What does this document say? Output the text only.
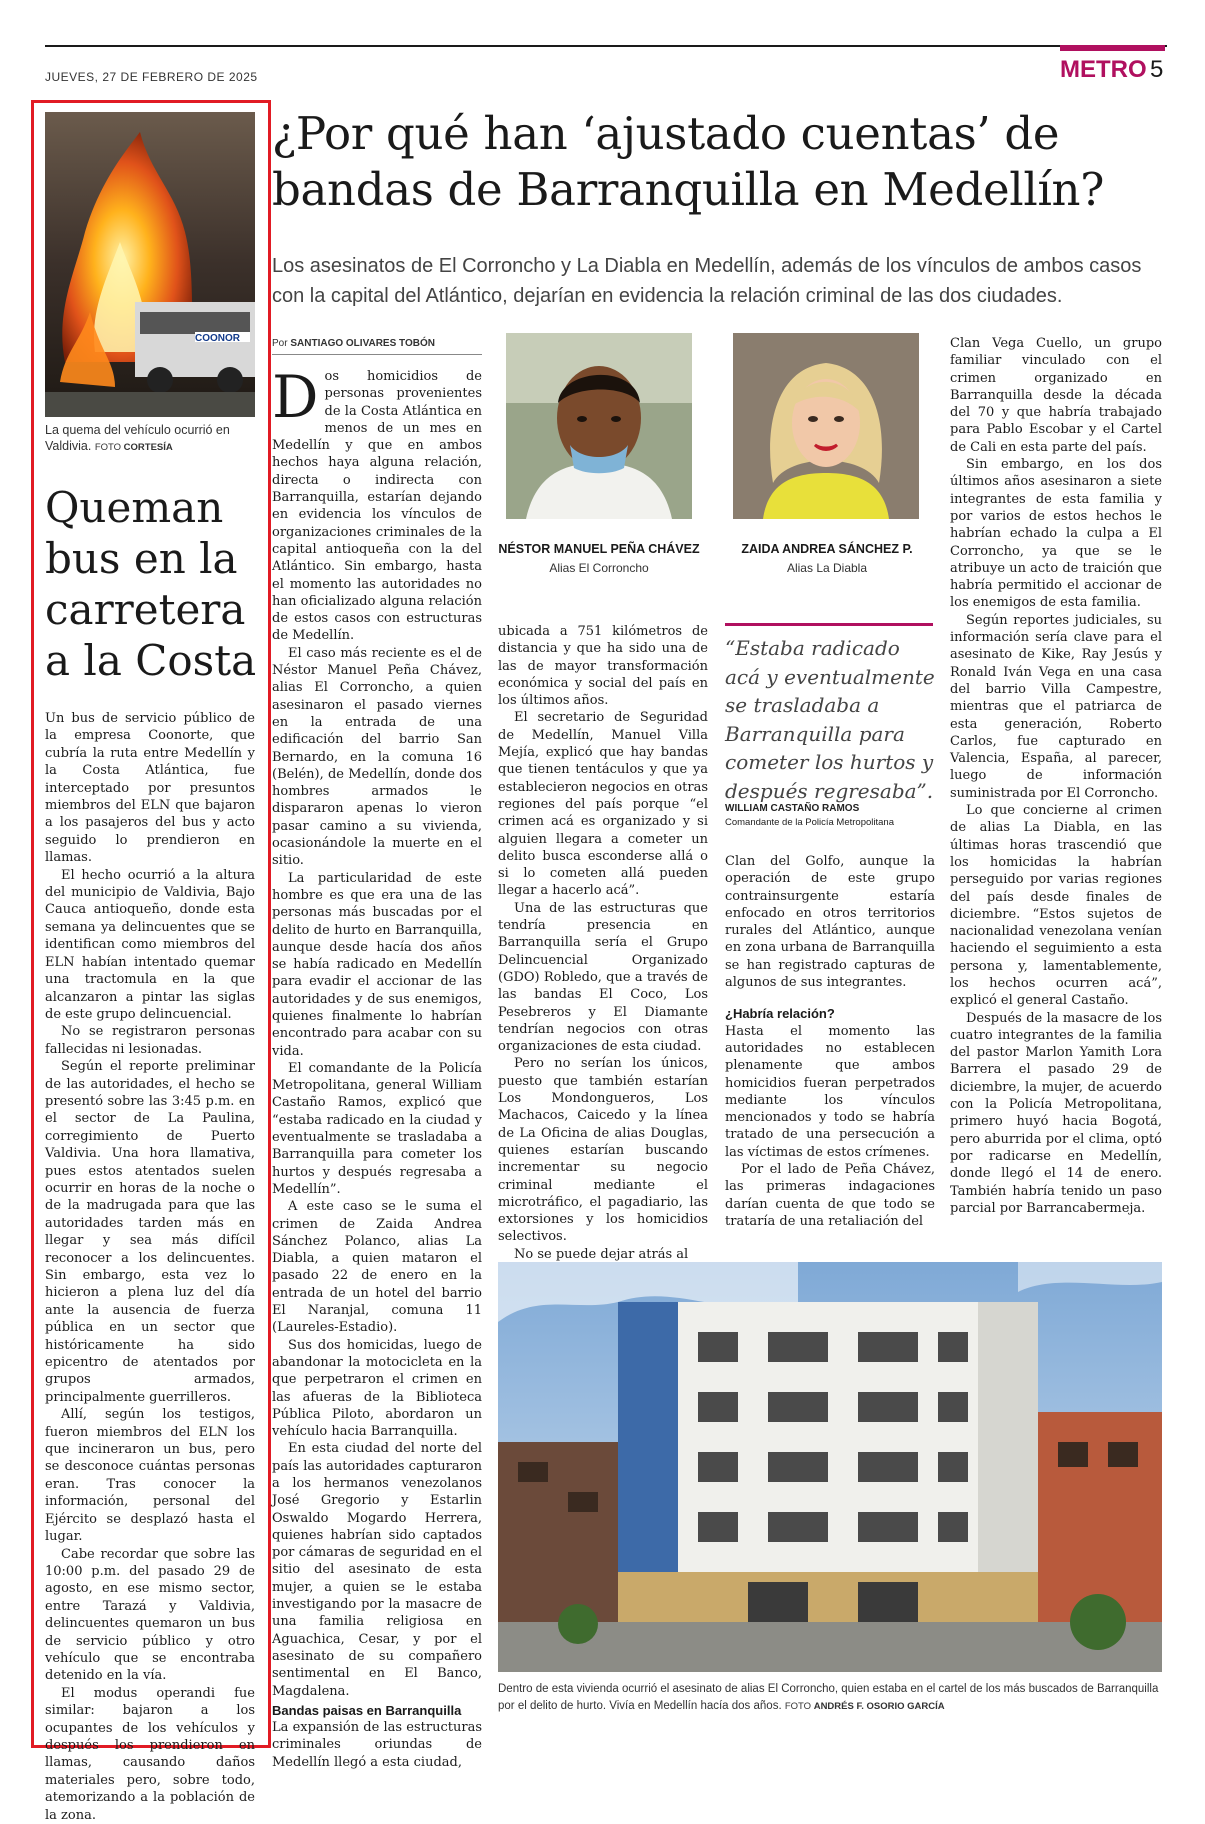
JUEVES, 27 DE FEBRERO DE 2025	METRO 5
COONOR
La quema del vehículo ocurrió en Valdivia. FOTO CORTESÍA
Queman bus en la carretera a la Costa

Un bus de servicio público de la empresa Coonorte, que cubría la ruta entre Medellín y la Costa Atlántica, fue interceptado por presuntos miembros del ELN que bajaron a los pasajeros del bus y acto seguido lo prendieron en llamas.

El hecho ocurrió a la altura del municipio de Valdivia, Bajo Cauca antioqueño, donde esta semana ya delincuentes que se identifican como miembros del ELN habían intentado quemar una tractomula en la que alcanzaron a pintar las siglas de este grupo delincuencial.

No se registraron personas fallecidas ni lesionadas.

Según el reporte preliminar de las autoridades, el hecho se presentó sobre las 3:45 p.m. en el sector de La Paulina, corregimiento de Puerto Valdivia. Una hora llamativa, pues estos atentados suelen ocurrir en horas de la noche o de la madrugada para que las autoridades tarden más en llegar y sea más difícil reconocer a los delincuentes. Sin embargo, esta vez lo hicieron a plena luz del día ante la ausencia de fuerza pública en un sector que históricamente ha sido epicentro de atentados por grupos armados, principalmente guerrilleros.

Allí, según los testigos, fueron miembros del ELN los que incineraron un bus, pero se desconoce cuántas personas eran. Tras conocer la información, personal del Ejército se desplazó hasta el lugar.

Cabe recordar que sobre las 10:00 p.m. del pasado 29 de agosto, en ese mismo sector, entre Tarazá y Valdivia, delincuentes quemaron un bus de servicio público y otro vehículo que se encontraba detenido en la vía.

El modus operandi fue similar: bajaron a los ocupantes de los vehículos y después los prendieron en llamas, causando daños materiales pero, sobre todo, atemorizando a la población de la zona.

¿Por qué han ‘ajustado cuentas’ de bandas de Barranquilla en Medellín?
Los asesinatos de El Corroncho y La Diabla en Medellín, además de los vínculos de ambos casos con la capital del Atlántico, dejarían en evidencia la relación criminal de las dos ciudades.
Por SANTIAGO OLIVARES TOBÓN

Dos homicidios de personas provenientes de la Costa Atlántica en menos de un mes en Medellín y que en ambos hechos haya alguna relación, directa o indirecta con Barranquilla, estarían dejando en evidencia los vínculos de organizaciones criminales de la capital antioqueña con la del Atlántico. Sin embargo, hasta el momento las autoridades no han oficializado alguna relación de estos casos con estructuras de Medellín.

El caso más reciente es el de Néstor Manuel Peña Chávez, alias El Corroncho, a quien asesinaron el pasado viernes en la entrada de una edificación del barrio San Bernardo, en la comuna 16 (Belén), de Medellín, donde dos hombres armados le dispararon apenas lo vieron pasar camino a su vivienda, ocasionándole la muerte en el sitio.

La particularidad de este hombre es que era una de las personas más buscadas por el delito de hurto en Barranquilla, aunque desde hacía dos años se había radicado en Medellín para evadir el accionar de las autoridades y de sus enemigos, quienes finalmente lo habrían encontrado para acabar con su vida.

El comandante de la Policía Metropolitana, general William Castaño Ramos, explicó que “estaba radicado en la ciudad y eventualmente se trasladaba a Barranquilla para cometer los hurtos y después regresaba a Medellín”.

A este caso se le suma el crimen de Zaida Andrea Sánchez Polanco, alias La Diabla, a quien mataron el pasado 22 de enero en la entrada de un hotel del barrio El Naranjal, comuna 11 (Laureles-Estadio).

Sus dos homicidas, luego de abandonar la motocicleta en la que perpetraron el crimen en las afueras de la Biblioteca Pública Piloto, abordaron un vehículo hacia Barranquilla.

En esta ciudad del norte del país las autoridades capturaron a los hermanos venezolanos José Gregorio y Estarlin Oswaldo Mogardo Herrera, quienes habrían sido captados por cámaras de seguridad en el sitio del asesinato de esta mujer, a quien se le estaba investigando por la masacre de una familia religiosa en Aguachica, Cesar, y por el asesinato de su compañero sentimental en El Banco, Magdalena.

Bandas paisas en Barranquilla

La expansión de las estructuras criminales oriundas de Medellín llegó a esta ciudad,

NÉSTOR MANUEL PEÑA CHÁVEZ
Alias El Corroncho
ZAIDA ANDREA SÁNCHEZ P.
Alias La Diabla

ubicada a 751 kilómetros de distancia y que ha sido una de las de mayor transformación económica y social del país en los últimos años.

El secretario de Seguridad de Medellín, Manuel Villa Mejía, explicó que hay bandas que tienen tentáculos y que ya establecieron negocios en otras regiones del país porque “el crimen acá es organizado y si alguien llegara a cometer un delito busca esconderse allá o si lo cometen allá pueden llegar a hacerlo acá”.

Una de las estructuras que tendría presencia en Barranquilla sería el Grupo Delincuencial Organizado (GDO) Robledo, que a través de las bandas El Coco, Los Pesebreros y El Diamante tendrían negocios con otras organizaciones de esta ciudad.

Pero no serían los únicos, puesto que también estarían Los Mondongueros, Los Machacos, Caicedo y la línea de La Oficina de alias Douglas, quienes estarían buscando incrementar su negocio criminal mediante el microtráfico, el pagadiario, las extorsiones y los homicidios selectivos.

No se puede dejar atrás al

“Estaba radicado acá y eventualmente se trasladaba a Barranquilla para cometer los hurtos y después regresaba”.
WILLIAM CASTAÑO RAMOS
Comandante de la Policía Metropolitana

Clan del Golfo, aunque la operación de este grupo contrainsurgente estaría enfocado en otros territorios rurales del Atlántico, aunque en zona urbana de Barranquilla se han registrado capturas de algunos de sus integrantes.

¿Habría relación?

Hasta el momento las autoridades no establecen plenamente que ambos homicidios fueran perpetrados mediante los vínculos mencionados y todo se habría tratado de una persecución a las víctimas de estos crímenes.

Por el lado de Peña Chávez, las primeras indagaciones darían cuenta de que todo se trataría de una retaliación del

Clan Vega Cuello, un grupo familiar vinculado con el crimen organizado en Barranquilla desde la década del 70 y que habría trabajado para Pablo Escobar y el Cartel de Cali en esta parte del país.

Sin embargo, en los dos últimos años asesinaron a siete integrantes de esta familia y por varios de estos hechos le habrían echado la culpa a El Corroncho, ya que se le atribuye un acto de traición que habría permitido el accionar de los enemigos de esta familia.

Según reportes judiciales, su información sería clave para el asesinato de Kike, Ray Jesús y Ronald Iván Vega en una casa del barrio Villa Campestre, mientras que el patriarca de esta generación, Roberto Carlos, fue capturado en Valencia, España, al parecer, luego de información suministrada por El Corroncho.

Lo que concierne al crimen de alias La Diabla, en las últimas horas trascendió que los homicidas la habrían perseguido por varias regiones del país desde finales de diciembre. “Estos sujetos de nacionalidad venezolana venían haciendo el seguimiento a esta persona y, lamentablemente, los hechos ocurren acá”, explicó el general Castaño.

Después de la masacre de los cuatro integrantes de la familia del pastor Marlon Yamith Lora Barrera el pasado 29 de diciembre, la mujer, de acuerdo con la Policía Metropolitana, primero huyó hacia Bogotá, pero aburrida por el clima, optó por radicarse en Medellín, donde llegó el 14 de enero. También habría tenido un paso parcial por Barrancabermeja.

Dentro de esta vivienda ocurrió el asesinato de alias El Corroncho, quien estaba en el cartel de los más buscados de Barranquilla por el delito de hurto. Vivía en Medellín hacía dos años. FOTO ANDRÉS F. OSORIO GARCÍA
